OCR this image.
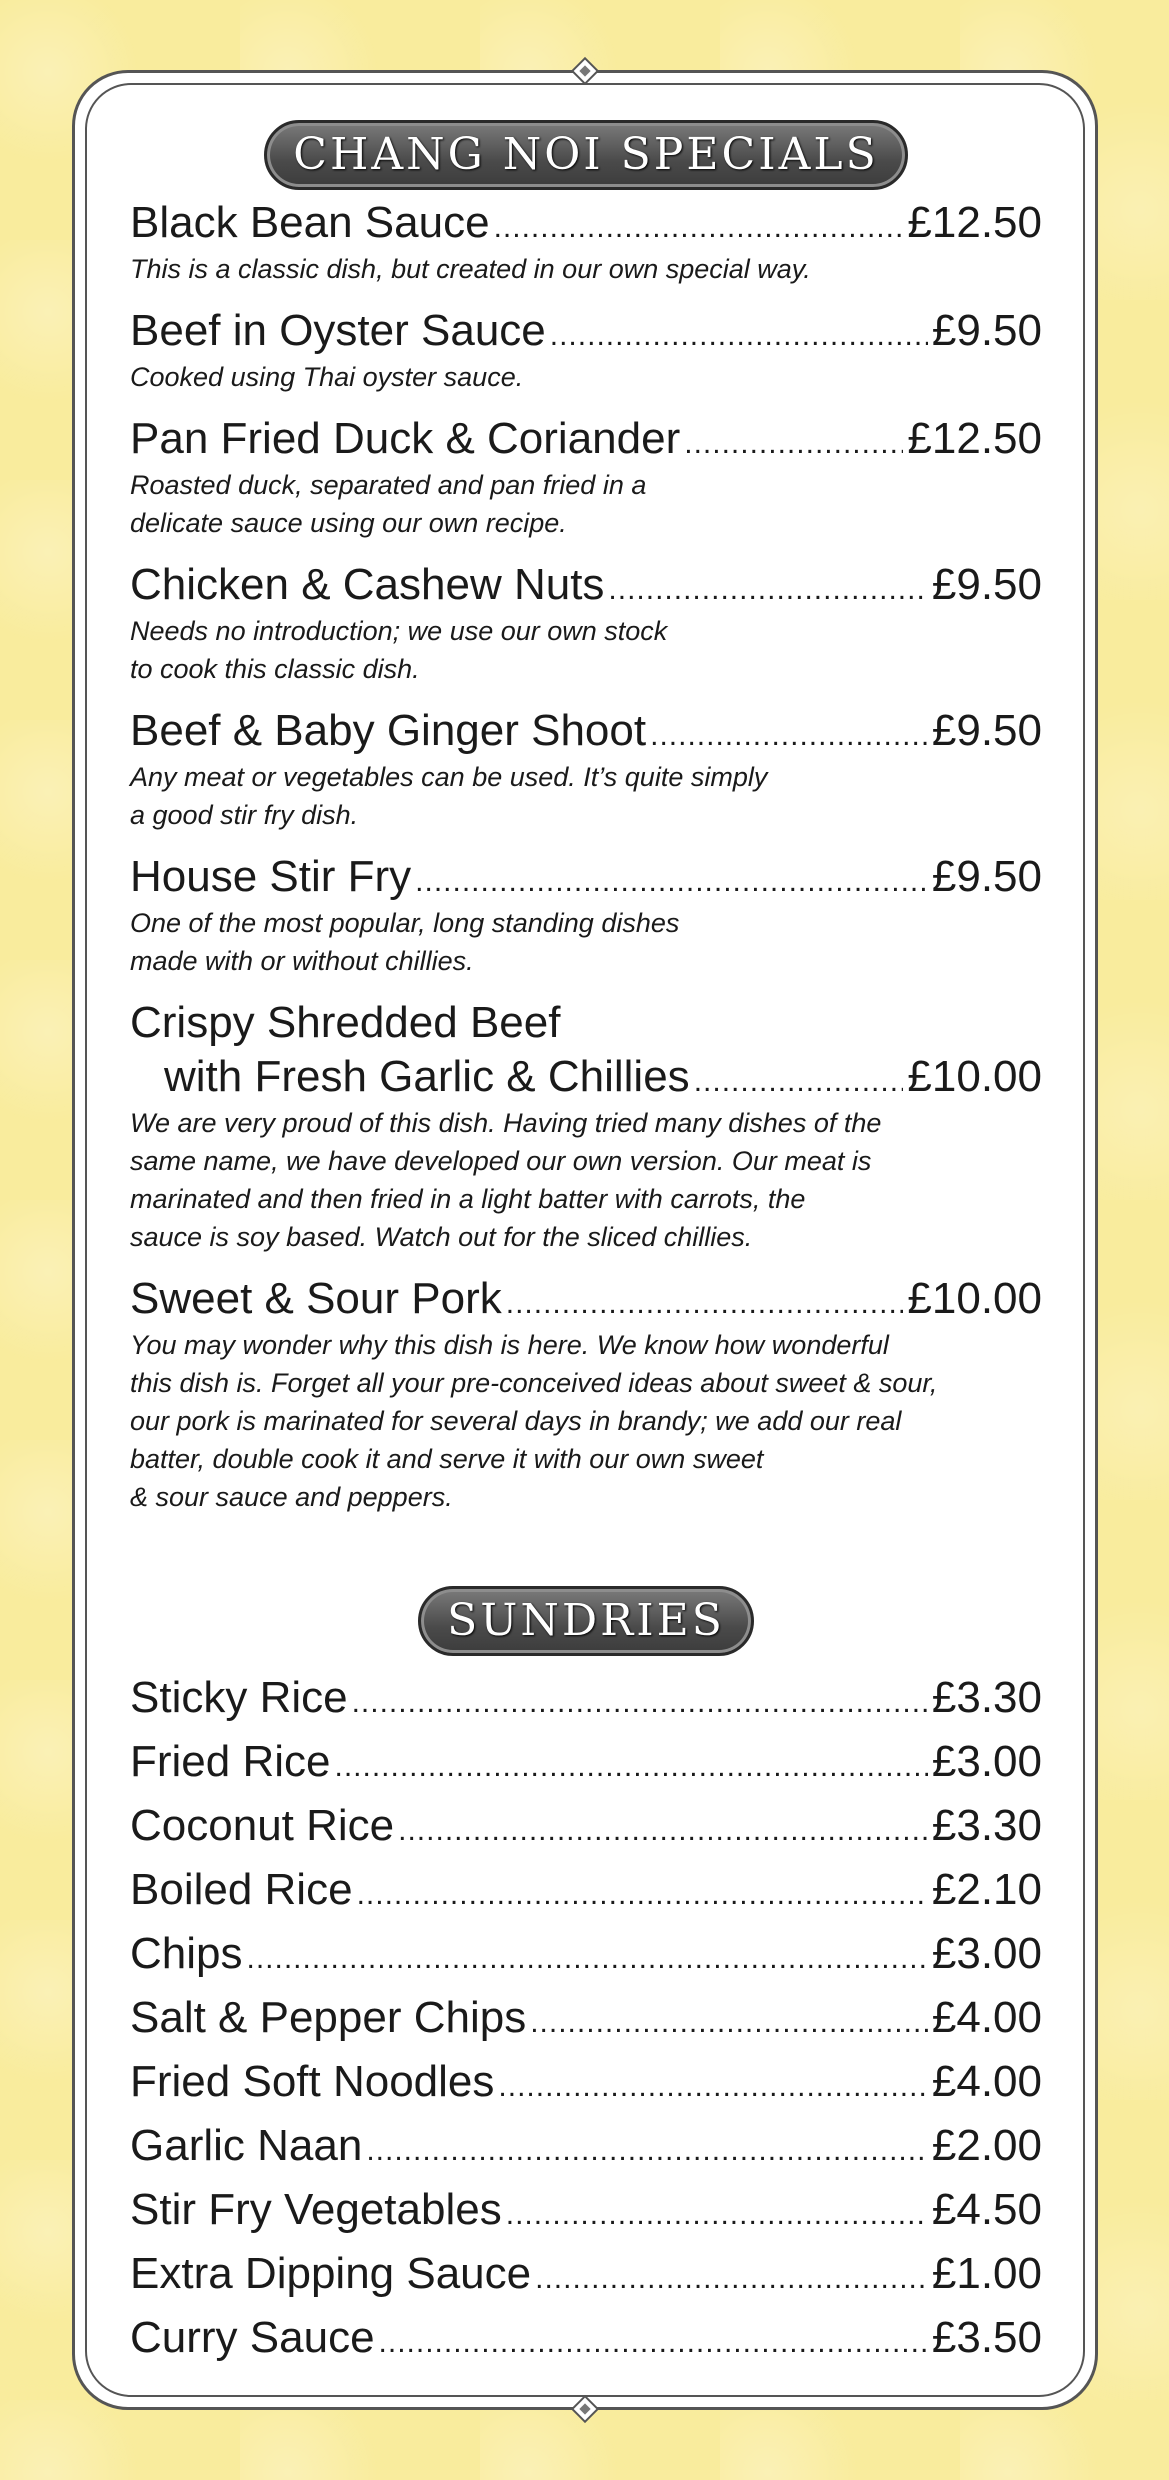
CHANG NOI SPECIALS
Black Bean Sauce .....	£12.50

This is a classic dish, but created in our own special way.

Beef in Oyster Sauce .....	£9.50

Cooked using Thai oyster sauce.

Pan Fried Duck & Coriander .....	£12.50

Roasted duck, separated and pan fried in a
delicate sauce using our own recipe.

Chicken & Cashew Nuts .....	£9.50

Needs no introduction; we use our own stock
to cook this classic dish.

Beef & Baby Ginger Shoot .....	£9.50

Any meat or vegetables can be used. It’s quite simply
a good stir fry dish.

House Stir Fry .....	£9.50

One of the most popular, long standing dishes
made with or without chillies.

Crispy Shredded Beef
with Fresh Garlic & Chillies .....	£10.00

We are very proud of this dish. Having tried many dishes of the
same name, we have developed our own version. Our meat is
marinated and then fried in a light batter with carrots, the
sauce is soy based. Watch out for the sliced chillies.

Sweet & Sour Pork .....	£10.00

You may wonder why this dish is here. We know how wonderful
this dish is. Forget all your pre-conceived ideas about sweet & sour,
our pork is marinated for several days in brandy; we add our real
batter, double cook it and serve it with our own sweet
& sour sauce and peppers.

SUNDRIES
Sticky Rice .....	£3.30
Fried Rice .....	£3.00
Coconut Rice .....	£3.30
Boiled Rice .....	£2.10
Chips .....	£3.00
Salt & Pepper Chips .....	£4.00
Fried Soft Noodles .....	£4.00
Garlic Naan .....	£2.00
Stir Fry Vegetables .....	£4.50
Extra Dipping Sauce .....	£1.00
Curry Sauce .....	£3.50
